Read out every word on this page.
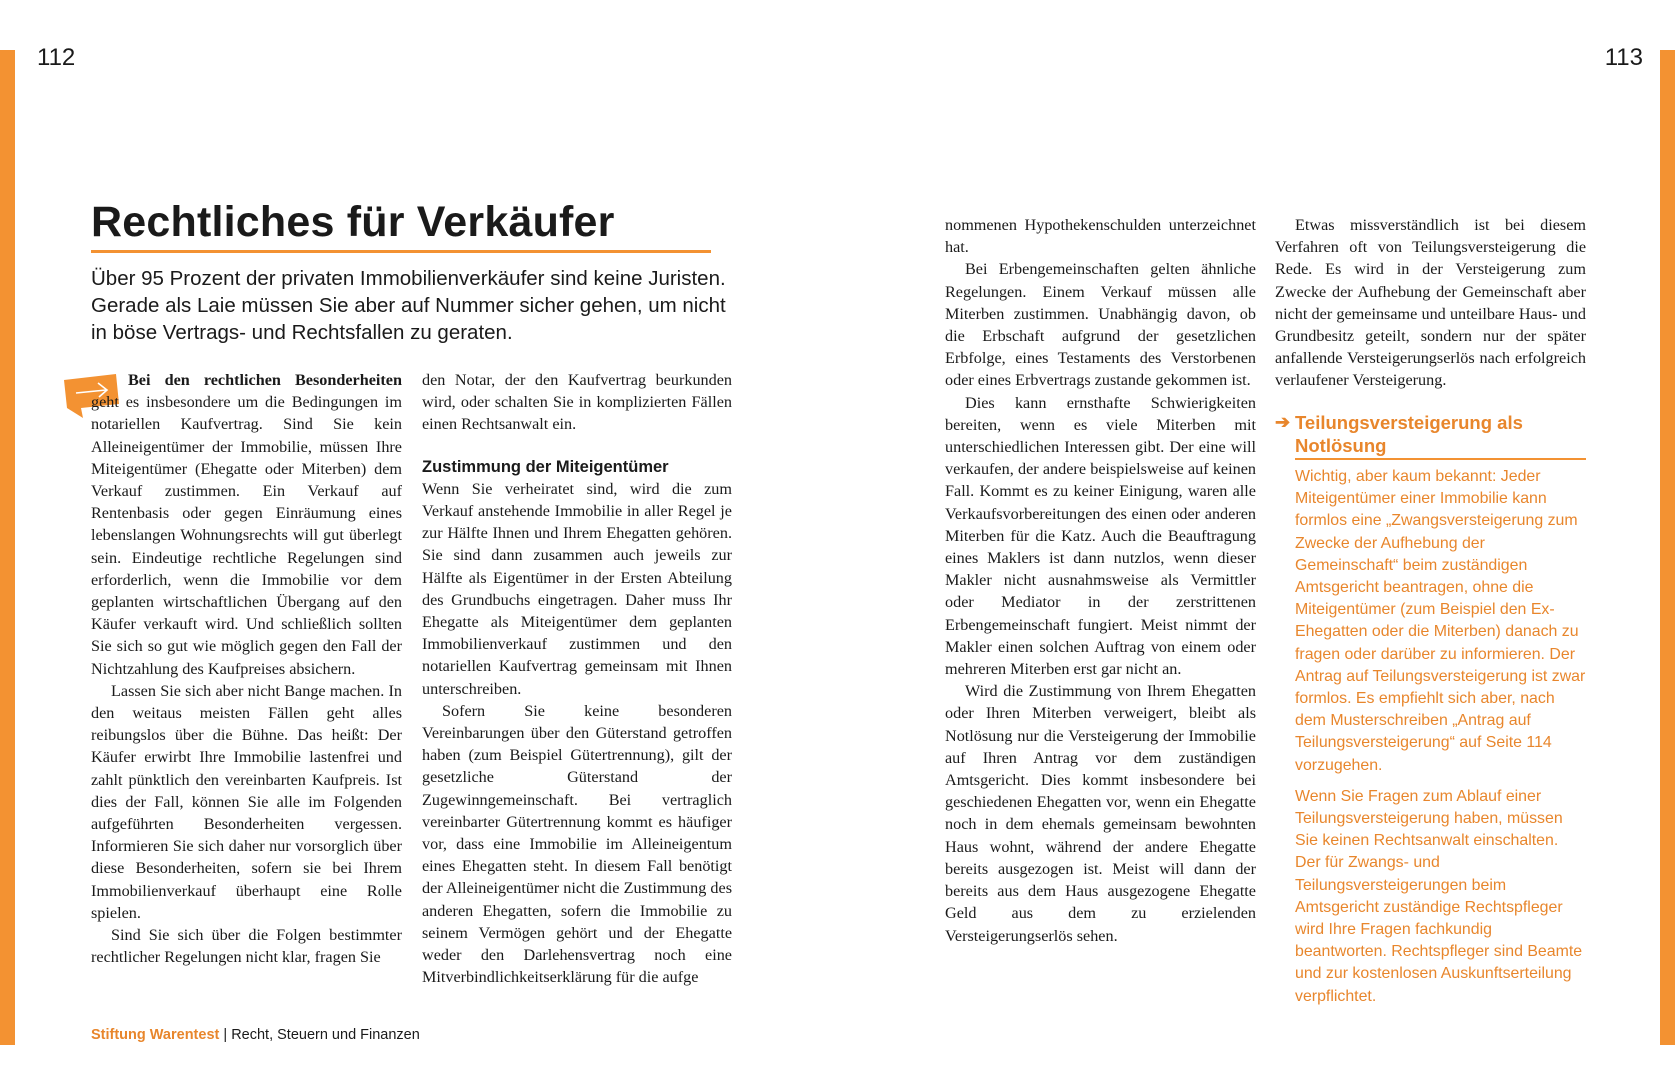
112	113
Rechtliches für Verkäufer
Über 95 Prozent der privaten Immobilienverkäufer sind keine Juristen. Gerade als Laie müssen Sie aber auf Nummer sicher gehen, um nicht in böse Vertrags- und Rechtsfallen zu geraten.

Bei den rechtlichen Besonderheiten geht es insbesondere um die Bedingungen im notariellen Kaufvertrag. Sind Sie kein Alleineigentümer der Immobilie, müssen Ihre Miteigentümer (Ehegatte oder Miterben) dem Verkauf zustimmen. Ein Verkauf auf Rentenbasis oder gegen Einräumung eines lebenslangen Wohnungsrechts will gut überlegt sein. Eindeutige rechtliche Regelungen sind erforderlich, wenn die Immobilie vor dem geplanten wirtschaftlichen Übergang auf den Käufer verkauft wird. Und schließlich sollten Sie sich so gut wie möglich gegen den Fall der Nichtzahlung des Kaufpreises absichern.

Lassen Sie sich aber nicht Bange machen. In den weitaus meisten Fällen geht alles reibungslos über die Bühne. Das heißt: Der Käufer erwirbt Ihre Immobilie lastenfrei und zahlt pünktlich den vereinbarten Kaufpreis. Ist dies der Fall, können Sie alle im Folgenden aufgeführten Besonderheiten vergessen. Informieren Sie sich daher nur vorsorglich über diese Besonderheiten, sofern sie bei Ihrem Immobilienverkauf überhaupt eine Rolle spielen.

Sind Sie sich über die Folgen bestimmter rechtlicher Regelungen nicht klar, fragen Sie

den Notar, der den Kaufvertrag beurkunden wird, oder schalten Sie in komplizierten Fällen einen Rechtsanwalt ein.

Zustimmung der Miteigentümer

Wenn Sie verheiratet sind, wird die zum Verkauf anstehende Immobilie in aller Regel je zur Hälfte Ihnen und Ihrem Ehegatten gehören. Sie sind dann zusammen auch jeweils zur Hälfte als Eigentümer in der Ersten Abteilung des Grundbuchs eingetragen. Daher muss Ihr Ehegatte als Miteigentümer dem geplanten Immobilienverkauf zustimmen und den notariellen Kaufvertrag gemeinsam mit Ihnen unterschreiben.

Sofern Sie keine besonderen Vereinbarungen über den Güterstand getroffen haben (zum Beispiel Gütertrennung), gilt der gesetzliche Güterstand der Zugewinngemeinschaft. Bei vertraglich vereinbarter Gütertrennung kommt es häufiger vor, dass eine Immobilie im Alleineigentum eines Ehegatten steht. In diesem Fall benötigt der Alleineigentümer nicht die Zustimmung des anderen Ehegatten, sofern die Immobilie zu seinem Vermögen gehört und der Ehegatte weder den Darlehensvertrag noch eine Mitverbindlichkeitserklärung für die aufge

nommenen Hypothekenschulden unterzeichnet hat.

Bei Erbengemeinschaften gelten ähnliche Regelungen. Einem Verkauf müssen alle Miterben zustimmen. Unabhängig davon, ob die Erbschaft aufgrund der gesetzlichen Erbfolge, eines Testaments des Verstorbenen oder eines Erbvertrags zustande gekommen ist.

Dies kann ernsthafte Schwierigkeiten bereiten, wenn es viele Miterben mit unterschiedlichen Interessen gibt. Der eine will verkaufen, der andere beispielsweise auf keinen Fall. Kommt es zu keiner Einigung, waren alle Verkaufsvorbereitungen des einen oder anderen Miterben für die Katz. Auch die Beauftragung eines Maklers ist dann nutzlos, wenn dieser Makler nicht ausnahmsweise als Vermittler oder Mediator in der zerstrittenen Erbengemeinschaft fungiert. Meist nimmt der Makler einen solchen Auftrag von einem oder mehreren Miterben erst gar nicht an.

Wird die Zustimmung von Ihrem Ehegatten oder Ihren Miterben verweigert, bleibt als Notlösung nur die Versteigerung der Immobilie auf Ihren Antrag vor dem zuständigen Amtsgericht. Dies kommt insbesondere bei geschiedenen Ehegatten vor, wenn ein Ehegatte noch in dem ehemals gemeinsam bewohnten Haus wohnt, während der andere Ehegatte bereits ausgezogen ist. Meist will dann der bereits aus dem Haus ausgezogene Ehegatte Geld aus dem zu erzielenden Versteigerungserlös sehen.

Etwas missverständlich ist bei diesem Verfahren oft von Teilungsversteigerung die Rede. Es wird in der Versteigerung zum Zwecke der Aufhebung der Gemeinschaft aber nicht der gemeinsame und unteilbare Haus- und Grundbesitz geteilt, sondern nur der später anfallende Versteigerungserlös nach erfolgreich verlaufener Versteigerung.

➔ Teilungsversteigerung als Notlösung

Wichtig, aber kaum bekannt: Jeder Miteigentümer einer Immobilie kann formlos eine „Zwangsversteigerung zum Zwecke der Aufhebung der Gemeinschaft“ beim zuständigen Amtsgericht beantragen, ohne die Miteigentümer (zum Beispiel den Ex-Ehegatten oder die Miterben) danach zu fragen oder darüber zu informieren. Der Antrag auf Teilungsversteigerung ist zwar formlos. Es empfiehlt sich aber, nach dem Musterschreiben „Antrag auf Teilungsversteigerung“ auf Seite 114 vorzugehen.

Wenn Sie Fragen zum Ablauf einer Teilungsversteigerung haben, müssen Sie keinen Rechtsanwalt einschalten. Der für Zwangs- und Teilungsversteigerungen beim Amtsgericht zuständige Rechtspfleger wird Ihre Fragen fachkundig beantworten. Rechtspfleger sind Beamte und zur kostenlosen Auskunftserteilung verpflichtet.

Stiftung Warentest | Recht, Steuern und Finanzen
